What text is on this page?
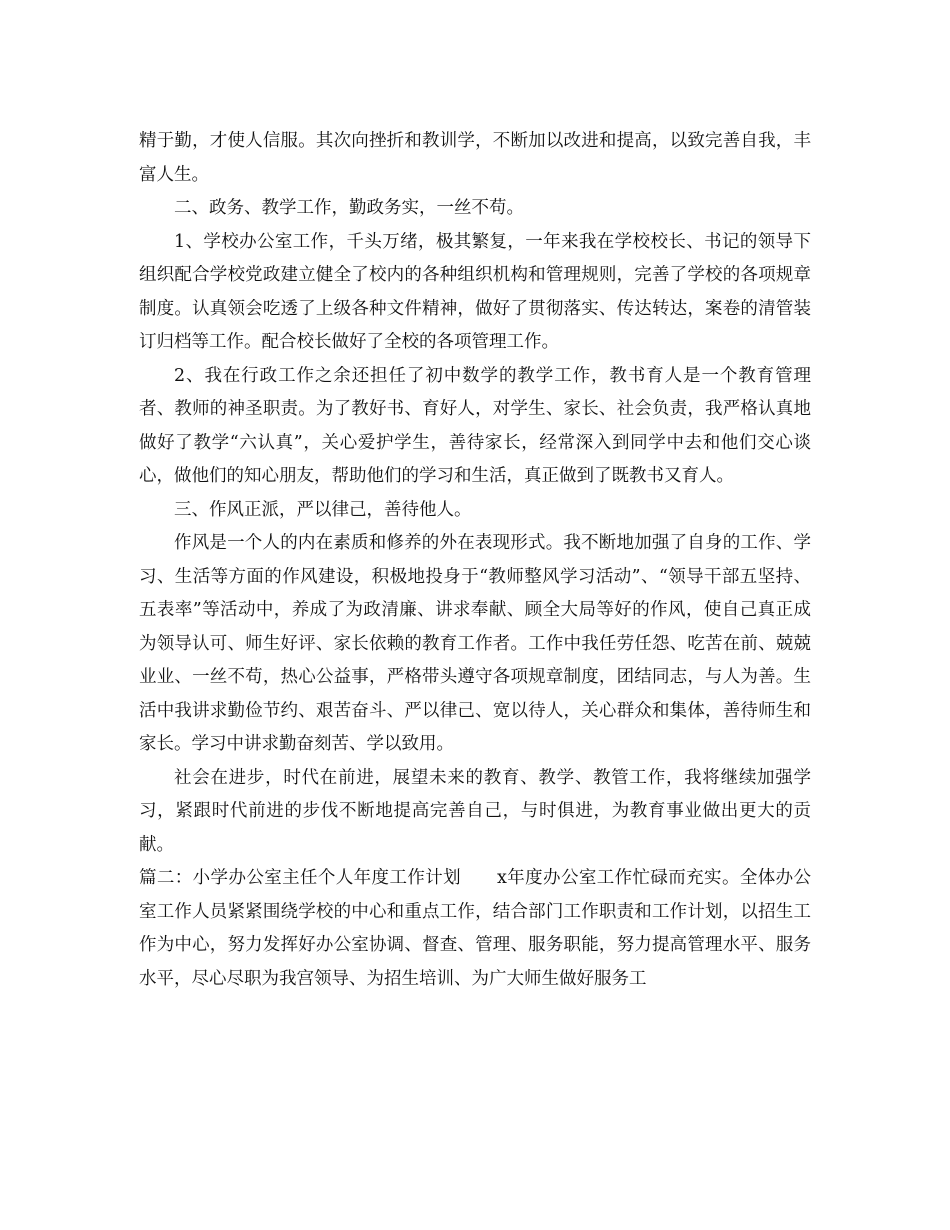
精于勤，才使人信服。其次向挫折和教训学，不断加以改进和提高，以致完善自我，丰富人生。

二、政务、教学工作，勤政务实，一丝不苟。

1、学校办公室工作，千头万绪，极其繁复，一年来我在学校校长、书记的领导下组织配合学校党政建立健全了校内的各种组织机构和管理规则，完善了学校的各项规章制度。认真领会吃透了上级各种文件精神，做好了贯彻落实、传达转达，案卷的清管装订归档等工作。配合校长做好了全校的各项管理工作。

2、我在行政工作之余还担任了初中数学的教学工作，教书育人是一个教育管理者、教师的神圣职责。为了教好书、育好人，对学生、家长、社会负责，我严格认真地做好了教学“六认真”，关心爱护学生，善待家长，经常深入到同学中去和他们交心谈心，做他们的知心朋友，帮助他们的学习和生活，真正做到了既教书又育人。

三、作风正派，严以律己，善待他人。

作风是一个人的内在素质和修养的外在表现形式。我不断地加强了自身的工作、学习、生活等方面的作风建设，积极地投身于“教师整风学习活动”、“领导干部五坚持、五表率”等活动中，养成了为政清廉、讲求奉献、顾全大局等好的作风，使自己真正成为领导认可、师生好评、家长依赖的教育工作者。工作中我任劳任怨、吃苦在前、兢兢业业、一丝不苟，热心公益事，严格带头遵守各项规章制度，团结同志，与人为善。生活中我讲求勤俭节约、艰苦奋斗、严以律己、宽以待人，关心群众和集体，善待师生和家长。学习中讲求勤奋刻苦、学以致用。

社会在进步，时代在前进，展望未来的教育、教学、教管工作，我将继续加强学习，紧跟时代前进的步伐不断地提高完善自己，与时俱进，为教育事业做出更大的贡献。

篇二：小学办公室主任个人年度工作计划 x年度办公室工作忙碌而充实。全体办公室工作人员紧紧围绕学校的中心和重点工作，结合部门工作职责和工作计划，以招生工作为中心，努力发挥好办公室协调、督查、管理、服务职能，努力提高管理水平、服务水平，尽心尽职为我宫领导、为招生培训、为广大师生做好服务工
